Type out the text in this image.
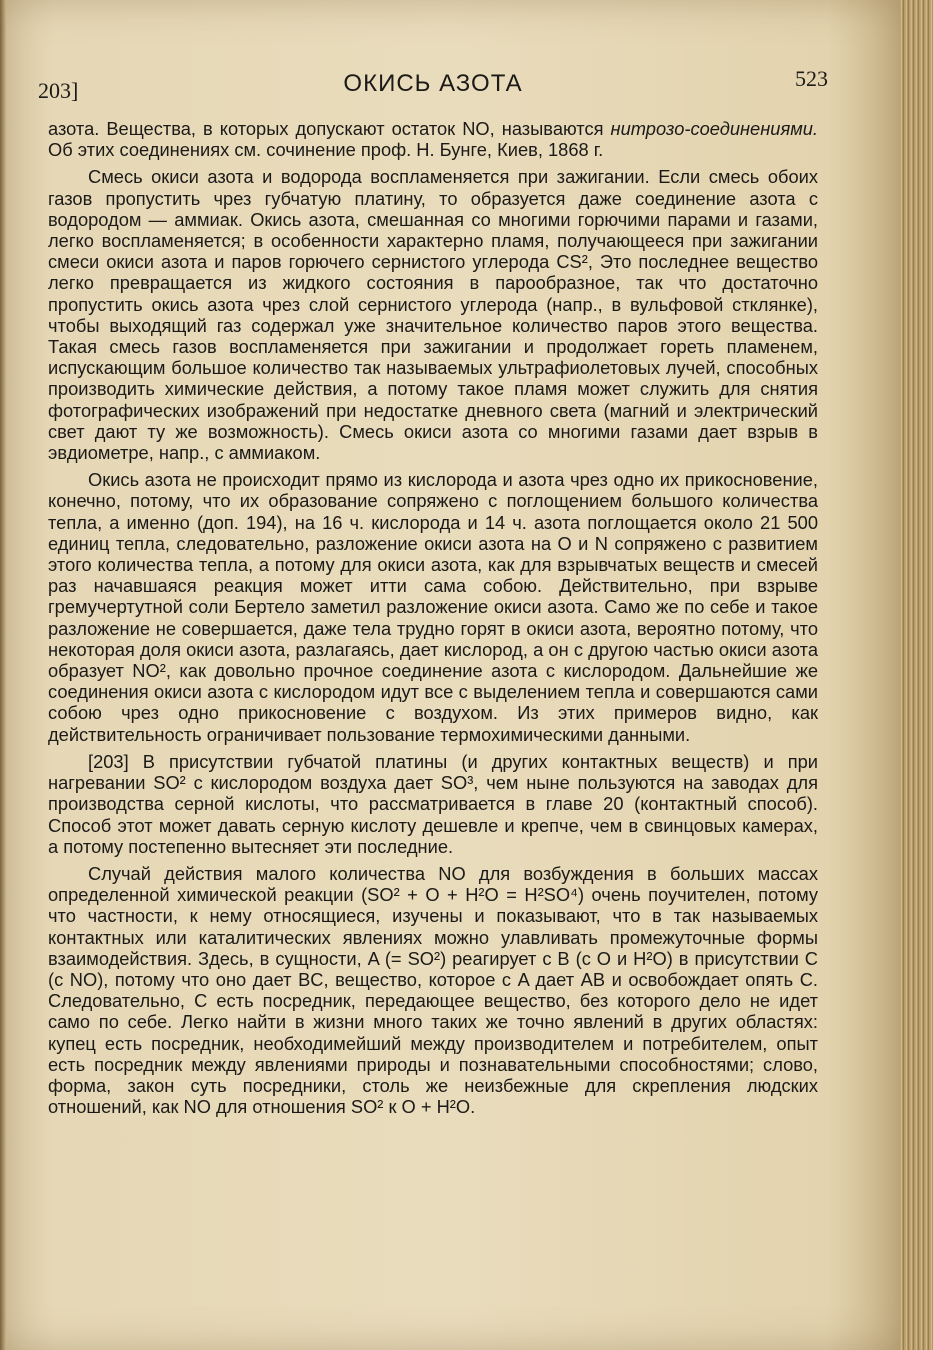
203]	ОКИСЬ АЗОТА	523

азота. Вещества, в которых допускают остаток NO, называются нитрозо-соединениями. Об этих соединениях см. сочинение проф. Н. Бунге, Киев, 1868 г.

Смесь окиси азота и водорода воспламеняется при зажигании. Если смесь обоих газов пропустить чрез губчатую платину, то образуется даже соединение азота с водородом — аммиак. Окись азота, смешанная со многими горючими парами и газами, легко воспламеняется; в особенности характерно пламя, получающееся при зажигании смеси окиси азота и паров горючего сернистого углерода CS², Это последнее вещество легко превращается из жидкого состояния в парообразное, так что достаточно пропустить окись азота чрез слой сернистого углерода (напр., в вульфовой стклянке), чтобы выходящий газ содержал уже значительное количество паров этого вещества. Такая смесь газов воспламеняется при зажигании и продолжает гореть пламенем, испускающим большое количество так называемых ультрафиолетовых лучей, способных производить химические действия, а потому такое пламя может служить для снятия фотографических изображений при недостатке дневного света (магний и электрический свет дают ту же возможность). Смесь окиси азота со многими газами дает взрыв в эвдиометре, напр., с аммиаком.

Окись азота не происходит прямо из кислорода и азота чрез одно их прикосновение, конечно, потому, что их образование сопряжено с поглощением большого количества тепла, а именно (доп. 194), на 16 ч. кислорода и 14 ч. азота поглощается около 21 500 единиц тепла, следовательно, разложение окиси азота на O и N сопряжено с развитием этого количества тепла, а потому для окиси азота, как для взрывчатых веществ и смесей раз начавшаяся реакция может итти сама собою. Действительно, при взрыве гремучертутной соли Бертело заметил разложение окиси азота. Само же по себе и такое разложение не совершается, даже тела трудно горят в окиси азота, вероятно потому, что некоторая доля окиси азота, разлагаясь, дает кислород, а он с другою частью окиси азота образует NO², как довольно прочное соединение азота с кислородом. Дальнейшие же соединения окиси азота с кислородом идут все с выделением тепла и совершаются сами собою чрез одно прикосновение с воздухом. Из этих примеров видно, как действительность ограничивает пользование термохимическими данными.

[203] В присутствии губчатой платины (и других контактных веществ) и при нагревании SO² с кислородом воздуха дает SO³, чем ныне пользуются на заводах для производства серной кислоты, что рассматривается в главе 20 (контактный способ). Способ этот может давать серную кислоту дешевле и крепче, чем в свинцовых камерах, а потому постепенно вытесняет эти последние.

Случай действия малого количества NO для возбуждения в больших массах определенной химической реакции (SO² + O + H²O = H²SO⁴) очень поучителен, потому что частности, к нему относящиеся, изучены и показывают, что в так называемых контактных или каталитических явлениях можно улавливать промежуточные формы взаимодействия. Здесь, в сущности, A (= SO²) реагирует с B (с O и H²O) в присутствии C (с NO), потому что оно дает BC, вещество, которое с A дает AB и освобождает опять C. Следовательно, C есть посредник, передающее вещество, без которого дело не идет само по себе. Легко найти в жизни много таких же точно явлений в других областях: купец есть посредник, необходимейший между производителем и потребителем, опыт есть посредник между явлениями природы и познавательными способностями; слово, форма, закон суть посредники, столь же неизбежные для скрепления людских отношений, как NO для отношения SO² к O + H²O.
